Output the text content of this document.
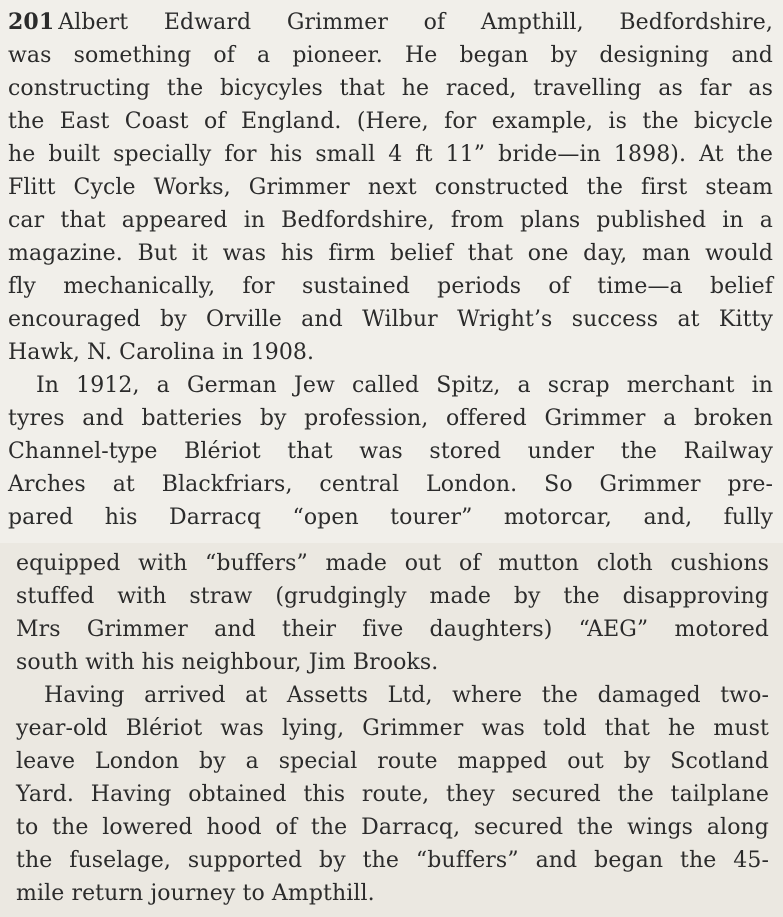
201 Albert Edward Grimmer of Ampthill, Bedfordshire,
was something of a pioneer. He began by designing and
constructing the bicycyles that he raced, travelling as far as
the East Coast of England. (Here, for example, is the bicycle
he built specially for his small 4 ft 11” bride—in 1898). At the
Flitt Cycle Works, Grimmer next constructed the first steam
car that appeared in Bedfordshire, from plans published in a
magazine. But it was his firm belief that one day, man would
fly mechanically, for sustained periods of time—a belief
encouraged by Orville and Wilbur Wright’s success at Kitty
Hawk, N. Carolina in 1908.
In 1912, a German Jew called Spitz, a scrap merchant in
tyres and batteries by profession, offered Grimmer a broken
Channel-type Blériot that was stored under the Railway
Arches at Blackfriars, central London. So Grimmer pre-
pared his Darracq “open tourer” motorcar, and, fully
equipped with “buffers” made out of mutton cloth cushions
stuffed with straw (grudgingly made by the disapproving
Mrs Grimmer and their five daughters) “AEG” motored
south with his neighbour, Jim Brooks.
Having arrived at Assetts Ltd, where the damaged two-
year-old Blériot was lying, Grimmer was told that he must
leave London by a special route mapped out by Scotland
Yard. Having obtained this route, they secured the tailplane
to the lowered hood of the Darracq, secured the wings along
the fuselage, supported by the “buffers” and began the 45-
mile return journey to Ampthill.
